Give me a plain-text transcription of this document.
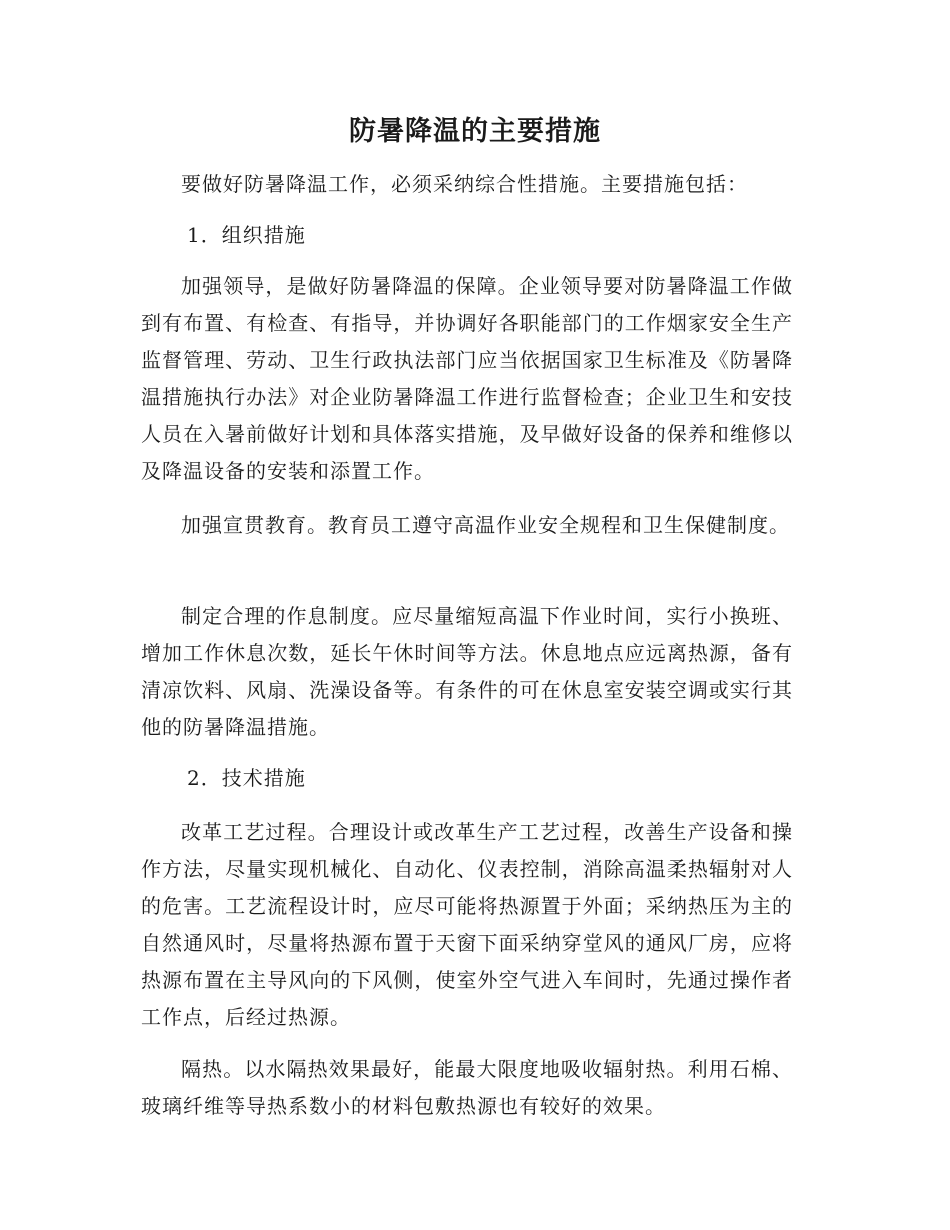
防暑降温的主要措施

要做好防暑降温工作，必须采纳综合性措施。主要措施包括：

1．组织措施

加强领导，是做好防暑降温的保障。企业领导要对防暑降温工作做到有布置、有检查、有指导，并协调好各职能部门的工作烟家安全生产监督管理、劳动、卫生行政执法部门应当依据国家卫生标准及《防暑降温措施执行办法》对企业防暑降温工作进行监督检查；企业卫生和安技人员在入暑前做好计划和具体落实措施，及早做好设备的保养和维修以及降温设备的安装和添置工作。

加强宣贯教育。教育员工遵守高温作业安全规程和卫生保健制度。

制定合理的作息制度。应尽量缩短高温下作业时间，实行小换班、增加工作休息次数，延长午休时间等方法。休息地点应远离热源，备有清凉饮料、风扇、洗澡设备等。有条件的可在休息室安装空调或实行其他的防暑降温措施。

2．技术措施

改革工艺过程。合理设计或改革生产工艺过程，改善生产设备和操作方法，尽量实现机械化、自动化、仪表控制，消除高温柔热辐射对人的危害。工艺流程设计时，应尽可能将热源置于外面；采纳热压为主的自然通风时，尽量将热源布置于天窗下面采纳穿堂风的通风厂房，应将热源布置在主导风向的下风侧，使室外空气进入车间时，先通过操作者工作点，后经过热源。

隔热。以水隔热效果最好，能最大限度地吸收辐射热。利用石棉、玻璃纤维等导热系数小的材料包敷热源也有较好的效果。
